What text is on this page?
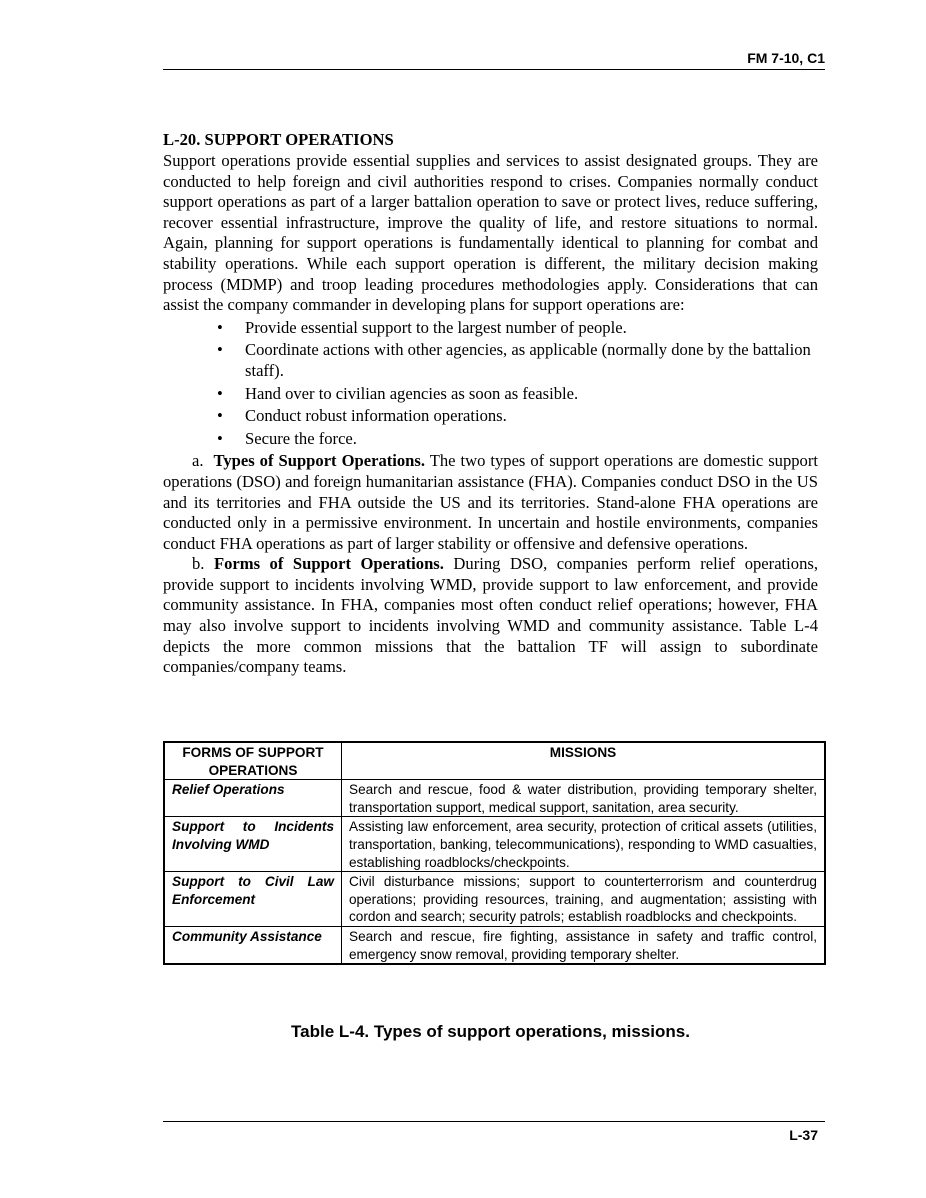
FM 7-10, C1
L-20. SUPPORT OPERATIONS

Support operations provide essential supplies and services to assist designated groups. They are conducted to help foreign and civil authorities respond to crises. Companies normally conduct support operations as part of a larger battalion operation to save or protect lives, reduce suffering, recover essential infrastructure, improve the quality of life, and restore situations to normal. Again, planning for support operations is fundamentally identical to planning for combat and stability operations. While each support operation is different, the military decision making process (MDMP) and troop leading procedures methodologies apply. Considerations that can assist the company commander in developing plans for support operations are:

• Provide essential support to the largest number of people.
• Coordinate actions with other agencies, as applicable (normally done by the battalion staff).
• Hand over to civilian agencies as soon as feasible.
• Conduct robust information operations.
• Secure the force.

a. Types of Support Operations. The two types of support operations are domestic support operations (DSO) and foreign humanitarian assistance (FHA). Companies conduct DSO in the US and its territories and FHA outside the US and its territories. Stand-alone FHA operations are conducted only in a permissive environment. In uncertain and hostile environments, companies conduct FHA operations as part of larger stability or offensive and defensive operations.

b. Forms of Support Operations. During DSO, companies perform relief operations, provide support to incidents involving WMD, provide support to law enforcement, and provide community assistance. In FHA, companies most often conduct relief operations; however, FHA may also involve support to incidents involving WMD and community assistance. Table L-4 depicts the more common missions that the battalion TF will assign to subordinate companies/company teams.

FORMS OF SUPPORT OPERATIONS	MISSIONS
Relief Operations	Search and rescue, food & water distribution, providing temporary shelter, transportation support, medical support, sanitation, area security.
Support to Incidents Involving WMD	Assisting law enforcement, area security, protection of critical assets (utilities, transportation, banking, telecommunications), responding to WMD casualties, establishing roadblocks/checkpoints.
Support to Civil Law Enforcement	Civil disturbance missions; support to counterterrorism and counterdrug operations; providing resources, training, and augmentation; assisting with cordon and search; security patrols; establish roadblocks and checkpoints.
Community Assistance	Search and rescue, fire fighting, assistance in safety and traffic control, emergency snow removal, providing temporary shelter.
Table L-4. Types of support operations, missions.
L-37
